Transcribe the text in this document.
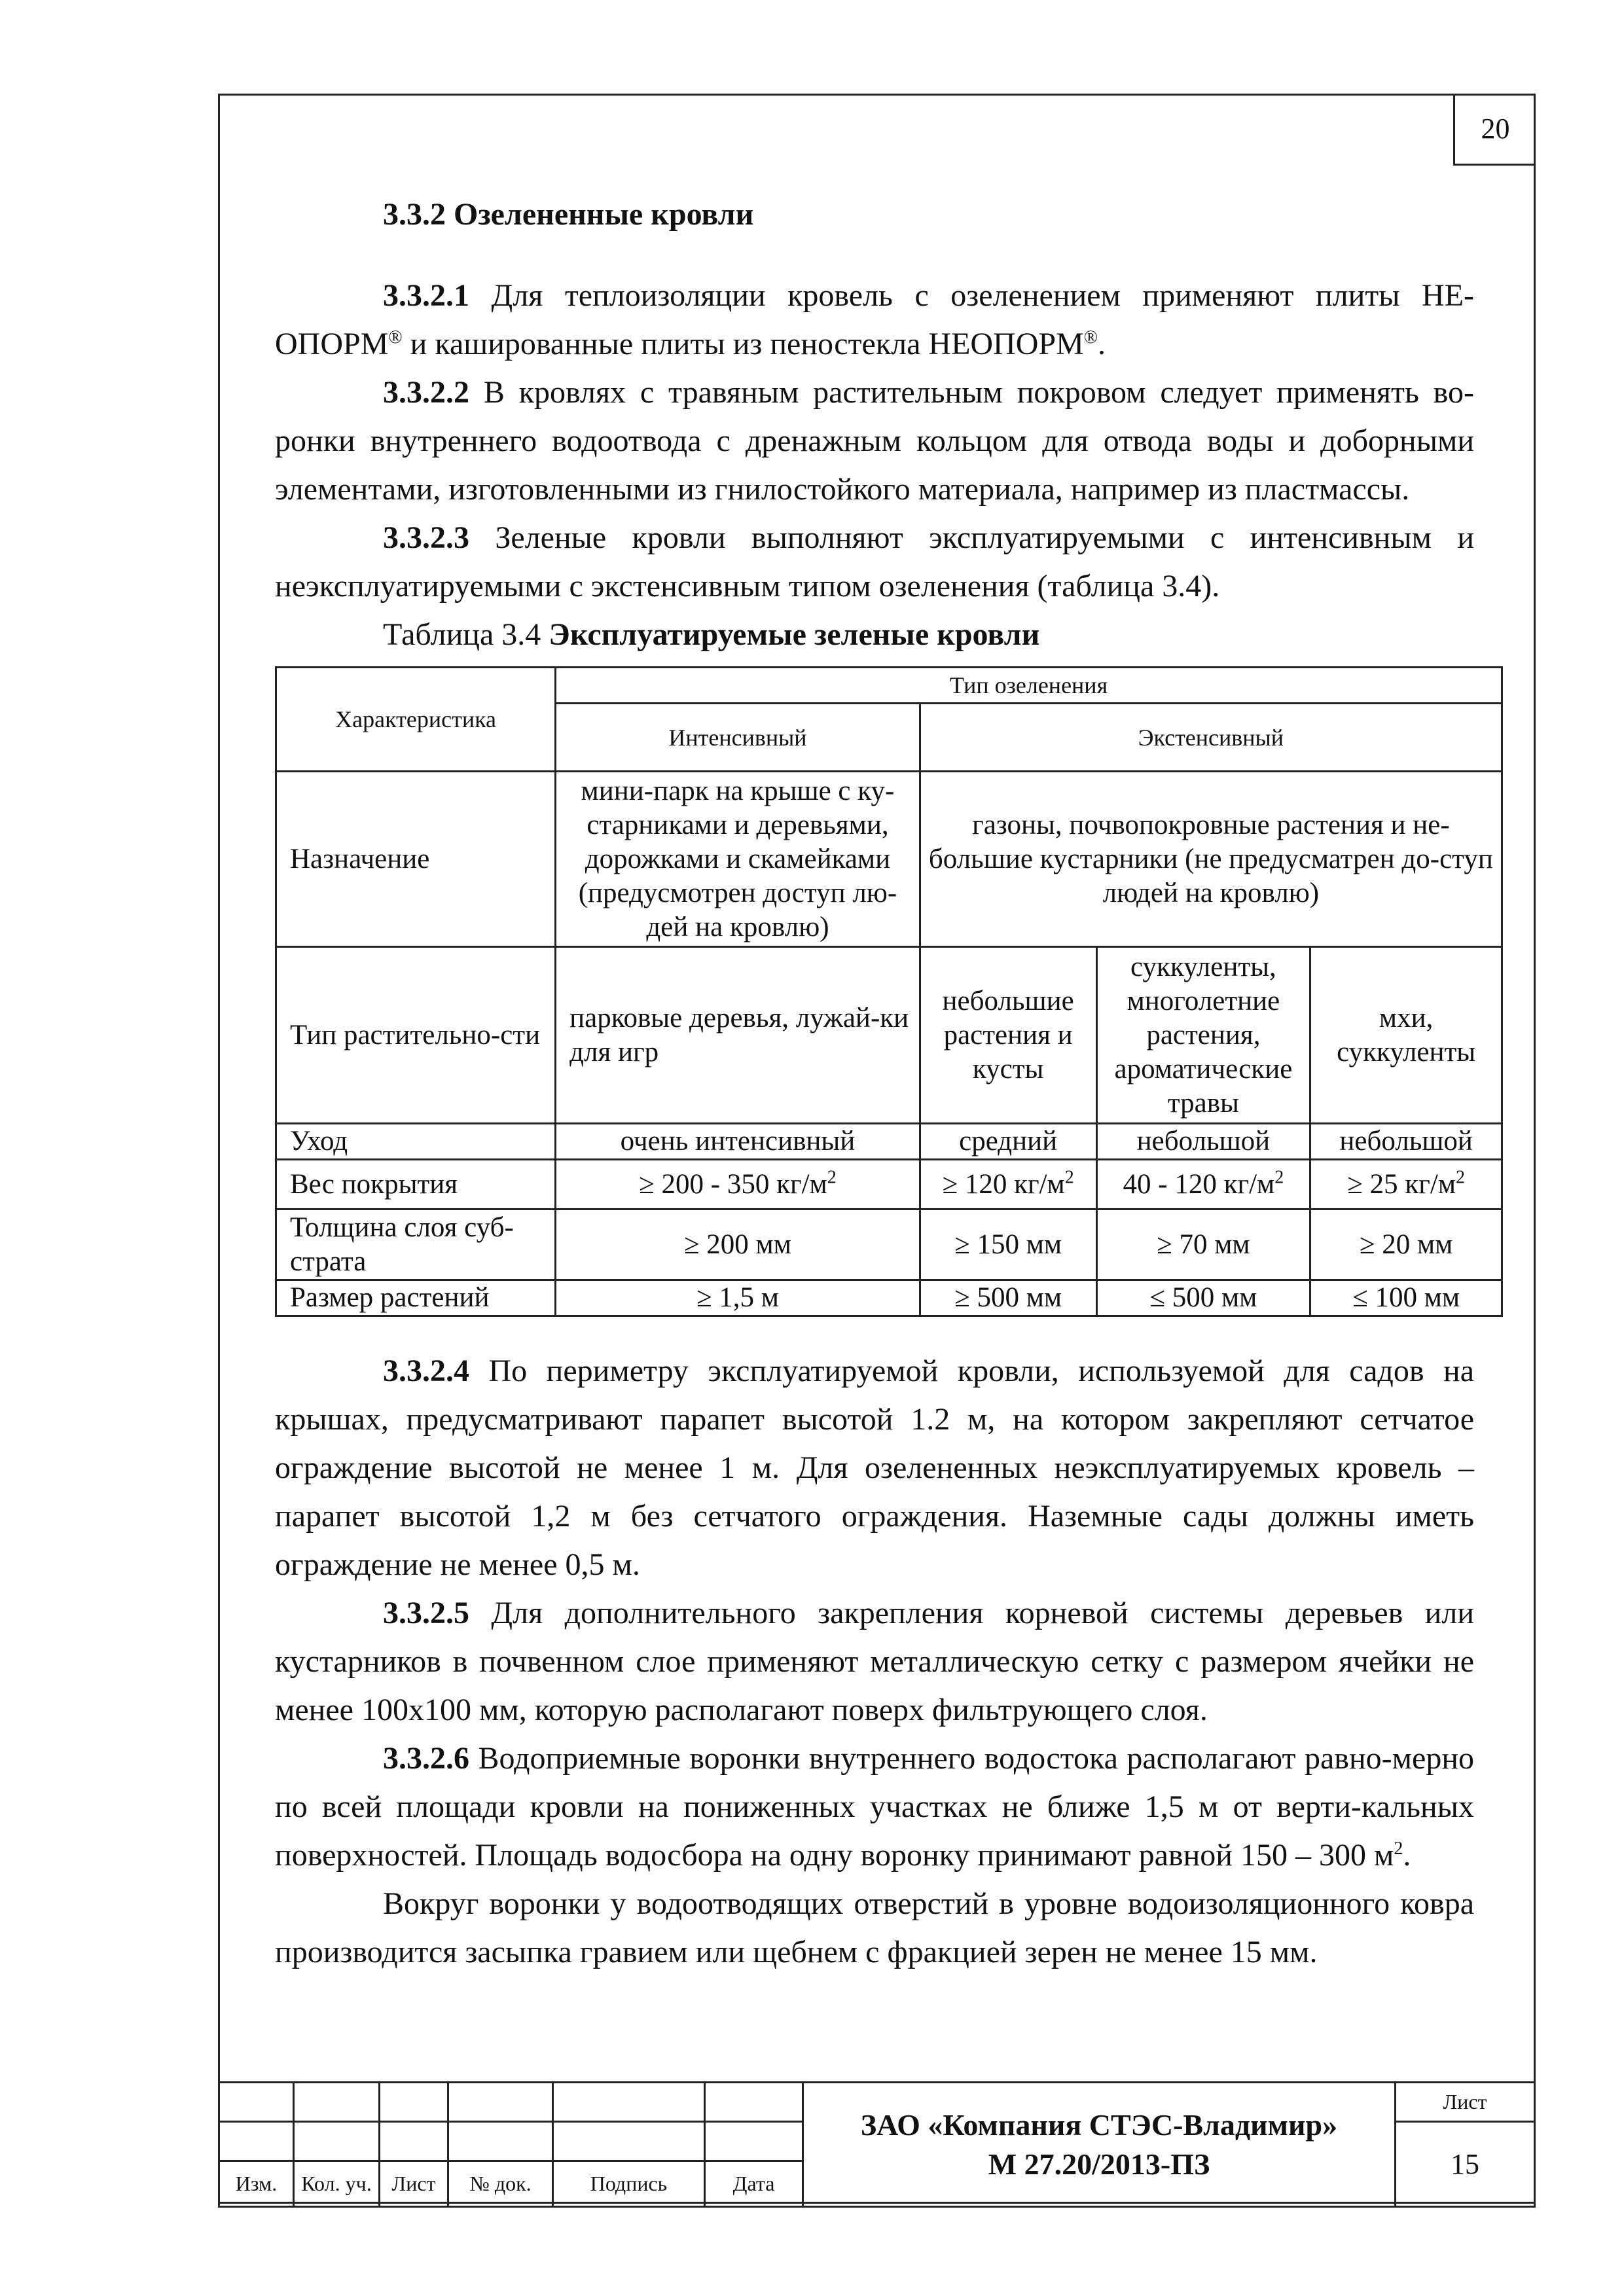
20
3.3.2 Озелененные кровли

3.3.2.1 Для теплоизоляции кровель с озеленением применяют плиты НЕ-ОПОРМ® и кашированные плиты из пеностекла НЕОПОРМ®.

3.3.2.2 В кровлях с травяным растительным покровом следует применять во-ронки внутреннего водоотвода с дренажным кольцом для отвода воды и доборными элементами, изготовленными из гнилостойкого материала, например из пластмассы.

3.3.2.3 Зеленые кровли выполняют эксплуатируемыми с интенсивным и неэксплуатируемыми с экстенсивным типом озеленения (таблица 3.4).

Таблица 3.4 Эксплуатируемые зеленые кровли

Характеристика	Тип озеленения			
	Интенсивный	Экстенсивный		
Назначение	мини-парк на крыше с ку-старниками и деревьями, дорожками и скамейками (предусмотрен доступ лю-дей на кровлю)	газоны, почвопокровные растения и не-большие кустарники (не предусматрен до-ступ людей на кровлю)		
Тип растительно-сти	парковые деревья, лужай-ки для игр	небольшие растения и кусты	суккуленты, многолетние растения, ароматические травы	мхи, суккуленты
Уход	очень интенсивный	средний	небольшой	небольшой
Вес покрытия	≥ 200 - 350 $кг/м^2$	≥ 120 $кг/м^2$	40 - 120 $кг/м^2$	≥ 25 $кг/м^2$
Толщина слоя суб-страта	≥ 200 мм	≥ 150 мм	≥ 70 мм	≥ 20 мм
Размер растений	≥ 1,5 м	≥ 500 мм	≤ 500 мм	≤ 100 мм

3.3.2.4 По периметру эксплуатируемой кровли, используемой для садов на крышах, предусматривают парапет высотой 1.2 м, на котором закрепляют сетчатое ограждение высотой не менее 1 м. Для озелененных неэксплуатируемых кровель – парапет высотой 1,2 м без сетчатого ограждения. Наземные сады должны иметь ограждение не менее 0,5 м.

3.3.2.5 Для дополнительного закрепления корневой системы деревьев или кустарников в почвенном слое применяют металлическую сетку с размером ячейки не менее 100х100 мм, которую располагают поверх фильтрующего слоя.

3.3.2.6 Водоприемные воронки внутреннего водостока располагают равно-мерно по всей площади кровли на пониженных участках не ближе 1,5 м от верти-кальных поверхностей. Площадь водосбора на одну воронку принимают равной 150 – 300 $м^2$.

Вокруг воронки у водоотводящих отверстий в уровне водоизоляционного ковра производится засыпка гравием или щебнем с фракцией зерен не менее 15 мм.

						ЗАО «Компания СТЭС-Владимир»
М 27.20/2013-ПЗ	Лист
							15
Изм.	Кол. уч.	Лист	№ док.	Подпись	Дата		
